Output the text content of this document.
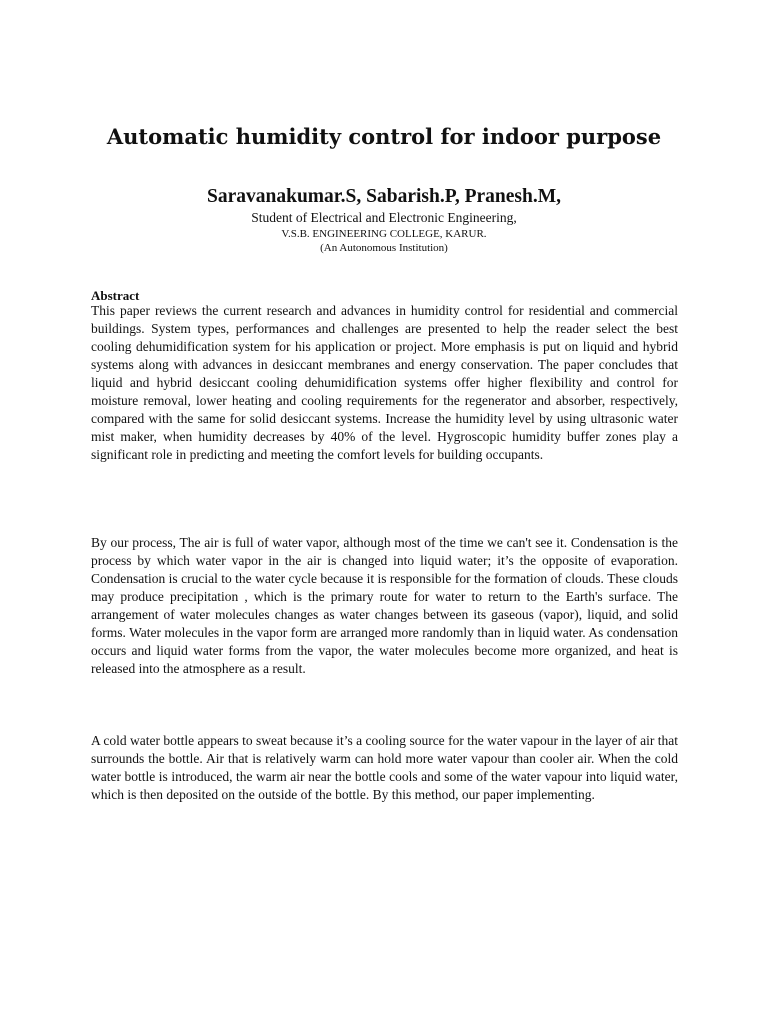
Automatic humidity control for indoor purpose

Saravanakumar.S, Sabarish.P, Pranesh.M,

Student of Electrical and Electronic Engineering,

V.S.B. ENGINEERING COLLEGE, KARUR.

(An Autonomous Institution)

Abstract

This paper reviews the current research and advances in humidity control for residential and commercial buildings. System types, performances and challenges are presented to help the reader select the best cooling dehumidification system for his application or project. More emphasis is put on liquid and hybrid systems along with advances in desiccant membranes and energy conservation. The paper concludes that liquid and hybrid desiccant cooling dehumidification systems offer higher flexibility and control for moisture removal, lower heating and cooling requirements for the regenerator and absorber, respectively, compared with the same for solid desiccant systems. Increase the humidity level by using ultrasonic water mist maker, when humidity decreases by 40% of the level. Hygroscopic humidity buffer zones play a significant role in predicting and meeting the comfort levels for building occupants.

By our process, The air is full of water vapor, although most of the time we can't see it. Condensation is the process by which water vapor in the air is changed into liquid water; it’s the opposite of evaporation. Condensation is crucial to the water cycle because it is responsible for the formation of clouds. These clouds may produce precipitation , which is the primary route for water to return to the Earth's surface. The arrangement of water molecules changes as water changes between its gaseous (vapor), liquid, and solid forms. Water molecules in the vapor form are arranged more randomly than in liquid water. As condensation occurs and liquid water forms from the vapor, the water molecules become more organized, and heat is released into the atmosphere as a result.

A cold water bottle appears to sweat because it’s a cooling source for the water vapour in the layer of air that surrounds the bottle. Air that is relatively warm can hold more water vapour than cooler air. When the cold water bottle is introduced, the warm air near the bottle cools and some of the water vapour into liquid water, which is then deposited on the outside of the bottle. By this method, our paper implementing.
